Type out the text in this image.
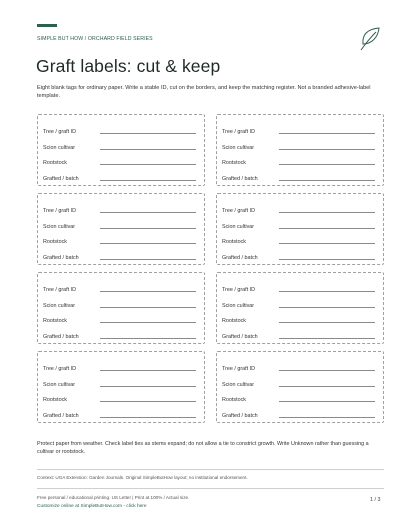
SIMPLE BUT HOW / ORCHARD FIELD SERIES
Graft labels: cut & keep

Eight blank tags for ordinary paper. Write a stable ID, cut on the borders, and keep the matching register. Not a branded adhesive-label template.

Tree / graft ID
Scion cultivar
Rootstock
Grafted / batch
Tree / graft ID
Scion cultivar
Rootstock
Grafted / batch
Tree / graft ID
Scion cultivar
Rootstock
Grafted / batch
Tree / graft ID
Scion cultivar
Rootstock
Grafted / batch
Tree / graft ID
Scion cultivar
Rootstock
Grafted / batch
Tree / graft ID
Scion cultivar
Rootstock
Grafted / batch
Tree / graft ID
Scion cultivar
Rootstock
Grafted / batch
Tree / graft ID
Scion cultivar
Rootstock
Grafted / batch

Protect paper from weather. Check label ties as stems expand; do not allow a tie to constrict growth. Write Unknown rather than guessing a cultivar or rootstock.

Context: UGA Extension: Garden Journals. Original SimpleButHow layout; no institutional endorsement.
Free personal / educational printing. US Letter | Print at 100% / Actual size.
Customize online at SimpleButHow.com - click here
1 / 3
